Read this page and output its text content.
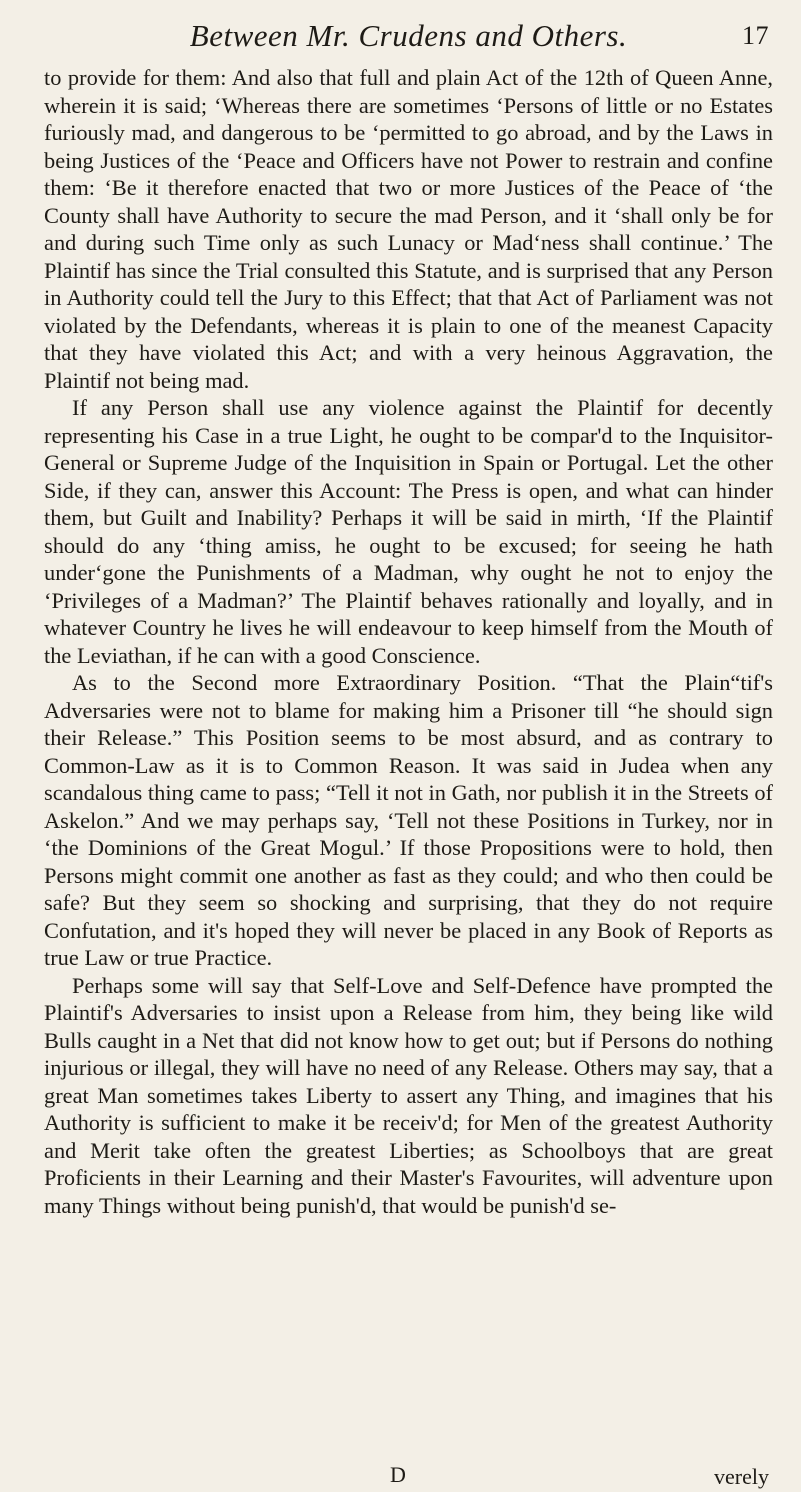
Between Mr. Crudens and Others.	17

to provide for them: And also that full and plain Act of the 12th of Queen Anne, wherein it is said; ‘Whereas there are sometimes ‘Persons of little or no Estates furiously mad, and dangerous to be ‘permitted to go abroad, and by the Laws in being Justices of the ‘Peace and Officers have not Power to restrain and confine them: ‘Be it therefore enacted that two or more Justices of the Peace of ‘the County shall have Authority to secure the mad Person, and it ‘shall only be for and during such Time only as such Lunacy or Mad‘ness shall continue.’ The Plaintif has since the Trial consulted this Statute, and is surprised that any Person in Authority could tell the Jury to this Effect; that that Act of Parliament was not violated by the Defendants, whereas it is plain to one of the meanest Capacity that they have violated this Act; and with a very heinous Aggravation, the Plaintif not being mad.

If any Person shall use any violence against the Plaintif for decently representing his Case in a true Light, he ought to be compar'd to the Inquisitor-General or Supreme Judge of the Inquisition in Spain or Portugal. Let the other Side, if they can, answer this Account: The Press is open, and what can hinder them, but Guilt and Inability? Perhaps it will be said in mirth, ‘If the Plaintif should do any ‘thing amiss, he ought to be excused; for seeing he hath under‘gone the Punishments of a Madman, why ought he not to enjoy the ‘Privileges of a Madman?’ The Plaintif behaves rationally and loyally, and in whatever Country he lives he will endeavour to keep himself from the Mouth of the Leviathan, if he can with a good Conscience.

As to the Second more Extraordinary Position. “That the Plain“tif's Adversaries were not to blame for making him a Prisoner till “he should sign their Release.” This Position seems to be most absurd, and as contrary to Common-Law as it is to Common Reason. It was said in Judea when any scandalous thing came to pass; “Tell it not in Gath, nor publish it in the Streets of Askelon.” And we may perhaps say, ‘Tell not these Positions in Turkey, nor in ‘the Dominions of the Great Mogul.’ If those Propositions were to hold, then Persons might commit one another as fast as they could; and who then could be safe? But they seem so shocking and surprising, that they do not require Confutation, and it's hoped they will never be placed in any Book of Reports as true Law or true Practice.

Perhaps some will say that Self-Love and Self-Defence have prompted the Plaintif's Adversaries to insist upon a Release from him, they being like wild Bulls caught in a Net that did not know how to get out; but if Persons do nothing injurious or illegal, they will have no need of any Release. Others may say, that a great Man sometimes takes Liberty to assert any Thing, and imagines that his Authority is sufficient to make it be receiv'd; for Men of the greatest Authority and Merit take often the greatest Liberties; as Schoolboys that are great Proficients in their Learning and their Master's Favourites, will adventure upon many Things without being punish'd, that would be punish'd se-

D	verely
